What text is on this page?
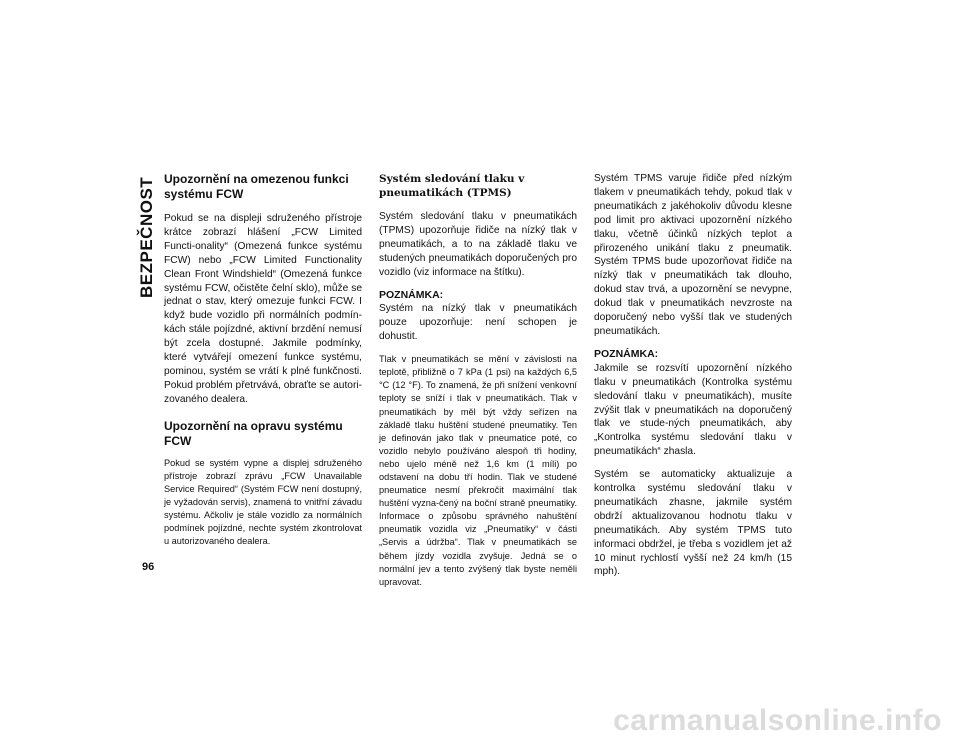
BEZPEČNOST Upozornění na omezenou funkci systému FCW

Pokud se na displeji sdruženého přístroje krátce zobrazí hlášení „FCW Limited Functi-onality“ (Omezená funkce systému FCW) nebo „FCW Limited Functionality Clean Front Windshield“ (Omezená funkce systému FCW, očistěte čelní sklo), může se jednat o stav, který omezuje funkci FCW. I když bude vozidlo při normálních podmín-kách stále pojízdné, aktivní brzdění nemusí být zcela dostupné. Jakmile podmínky, které vytvářejí omezení funkce systému, pominou, systém se vrátí k plné funkčnosti. Pokud problém přetrvává, obraťte se autori-zovaného dealera.

Upozornění na opravu systému FCW

Pokud se systém vypne a displej sdruženého přístroje zobrazí zprávu „FCW Unavailable Service Required“ (Systém FCW není dostupný, je vyžadován servis), znamená to vnitřní závadu systému. Ačkoliv je stále vozidlo za normálních podmínek pojízdné, nechte systém zkontrolovat u autorizovaného dealera.

Systém sledování tlaku v pneumatikách (TPMS)

Systém sledování tlaku v pneumatikách (TPMS) upozorňuje řidiče na nízký tlak v pneumatikách, a to na základě tlaku ve studených pneumatikách doporučených pro vozidlo (viz informace na štítku).

POZNÁMKA:

Systém na nízký tlak v pneumatikách pouze upozorňuje: není schopen je dohustit.

Tlak v pneumatikách se mění v závislosti na teplotě, přibližně o 7 kPa (1 psi) na každých 6,5 °C (12 °F). To znamená, že při snížení venkovní teploty se sníží i tlak v pneumatikách. Tlak v pneumatikách by měl být vždy seřízen na základě tlaku huštění studené pneumatiky. Ten je definován jako tlak v pneumatice poté, co vozidlo nebylo používáno alespoň tři hodiny, nebo ujelo méně než 1,6 km (1 míli) po odstavení na dobu tří hodin. Tlak ve studené pneumatice nesmí překročit maximální tlak huštění vyzna-čený na boční straně pneumatiky. Informace o způsobu správného nahuštění pneumatik vozidla viz „Pneumatiky“ v části „Servis a údržba“. Tlak v pneumatikách se během jízdy vozidla zvyšuje. Jedná se o normální jev a tento zvýšený tlak byste neměli upravovat.

Systém TPMS varuje řidiče před nízkým tlakem v pneumatikách tehdy, pokud tlak v pneumatikách z jakéhokoliv důvodu klesne pod limit pro aktivaci upozornění nízkého tlaku, včetně účinků nízkých teplot a přirozeného unikání tlaku z pneumatik. Systém TPMS bude upozorňovat řidiče na nízký tlak v pneumatikách tak dlouho, dokud stav trvá, a upozornění se nevypne, dokud tlak v pneumatikách nevzroste na doporučený nebo vyšší tlak ve studených pneumatikách.

POZNÁMKA:

Jakmile se rozsvítí upozornění nízkého tlaku v pneumatikách (Kontrolka systému sledování tlaku v pneumatikách), musíte zvýšit tlak v pneumatikách na doporučený tlak ve stude-ných pneumatikách, aby „Kontrolka systému sledování tlaku v pneumatikách“ zhasla.

Systém se automaticky aktualizuje a kontrolka systému sledování tlaku v pneumatikách zhasne, jakmile systém obdrží aktualizovanou hodnotu tlaku v pneumatikách. Aby systém TPMS tuto informaci obdržel, je třeba s vozidlem jet až 10 minut rychlostí vyšší než 24 km/h (15 mph).

96
carmanualsonline.info
